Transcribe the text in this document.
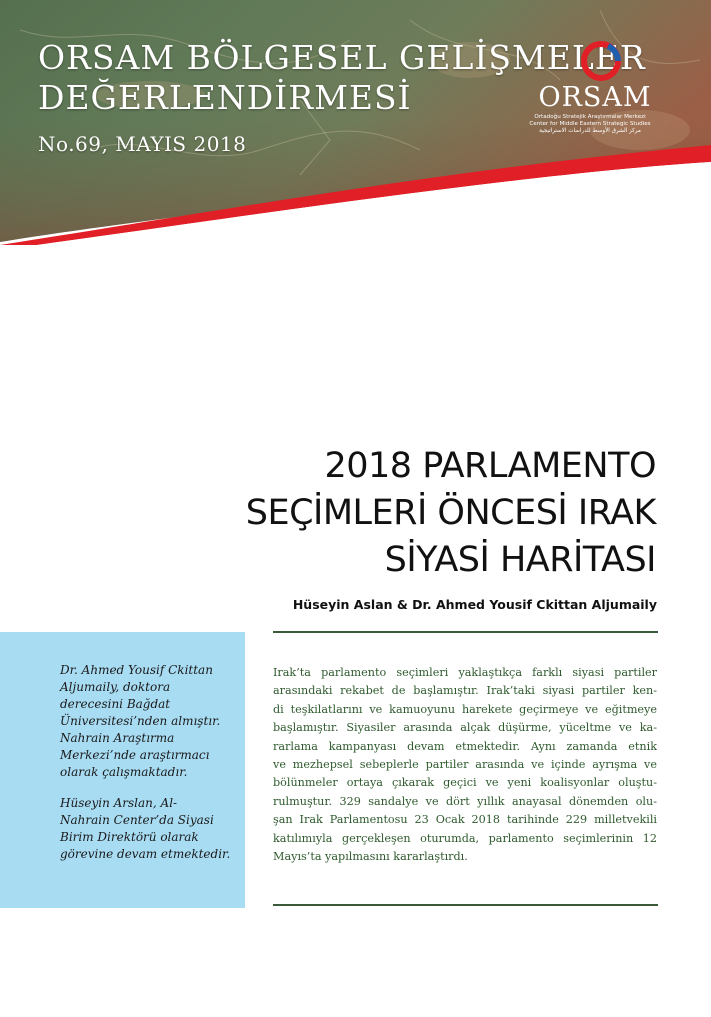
ORSAM BÖLGESEL GELİŞMELER
DEĞERLENDİRMESİ
No.69, MAYIS 2018
ORSAM
Ortadoğu Stratejik Araştırmalar Merkezi
Center for Middle Eastern Strategic Studies
مركز الشرق الأوسط للدراسات الاستراتيجية
2018 PARLAMENTO
SEÇİMLERİ ÖNCESİ IRAK
SİYASİ HARİTASI
Hüseyin Aslan & Dr. Ahmed Yousif Ckittan Aljumaily

Dr. Ahmed Yousif Ckittan
Aljumaily, doktora
derecesini Bağdat
Üniversitesi’nden almıştır.
Nahrain Araştırma
Merkezi’nde araştırmacı
olarak çalışmaktadır.

Hüseyin Arslan, Al-
Nahrain Center’da Siyasi
Birim Direktörü olarak
görevine devam etmektedir.

Irak’ta parlamento seçimleri yaklaştıkça farklı siyasi partiler
arasındaki rekabet de başlamıştır. Irak’taki siyasi partiler ken-
di teşkilatlarını ve kamuoyunu harekete geçirmeye ve eğitmeye
başlamıştır. Siyasiler arasında alçak düşürme, yüceltme ve ka-
rarlama kampanyası devam etmektedir. Aynı zamanda etnik
ve mezhepsel sebeplerle partiler arasında ve içinde ayrışma ve
bölünmeler ortaya çıkarak geçici ve yeni koalisyonlar oluştu-
rulmuştur. 329 sandalye ve dört yıllık anayasal dönemden olu-
şan Irak Parlamentosu 23 Ocak 2018 tarihinde 229 milletvekili
katılımıyla gerçekleşen oturumda, parlamento seçimlerinin 12
Mayıs’ta yapılmasını kararlaştırdı.
